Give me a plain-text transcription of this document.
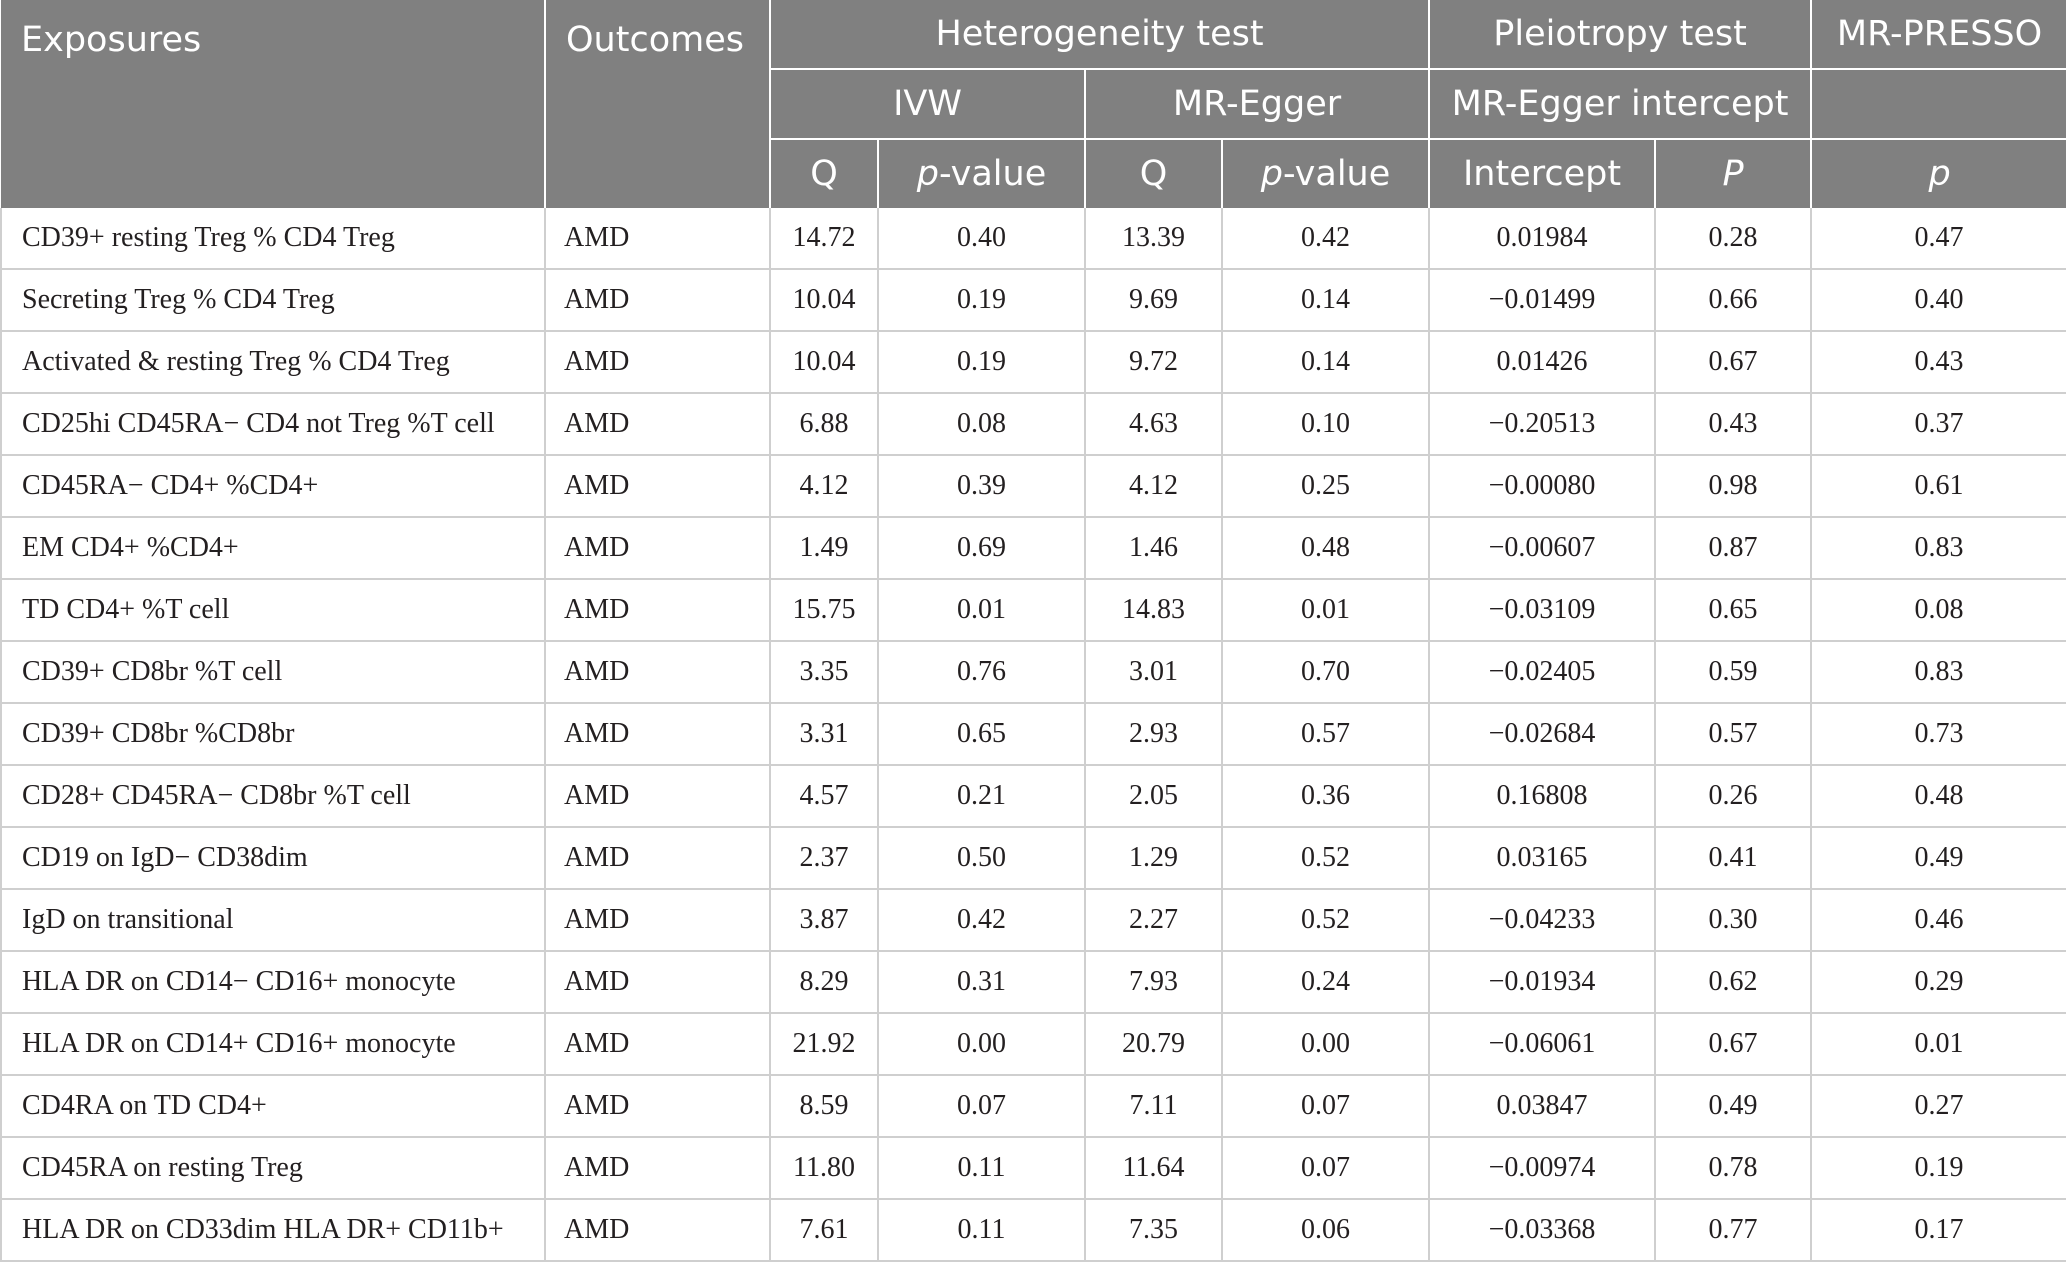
Exposures	Outcomes	Heterogeneity test				Pleiotropy test		MR-PRESSO
		IVW		MR-Egger		MR-Egger intercept		
		Q	p-value	Q	p-value	Intercept	P	p
CD39+ resting Treg % CD4 Treg	AMD	14.72	0.40	13.39	0.42	0.01984	0.28	0.47
Secreting Treg % CD4 Treg	AMD	10.04	0.19	9.69	0.14	−0.01499	0.66	0.40
Activated & resting Treg % CD4 Treg	AMD	10.04	0.19	9.72	0.14	0.01426	0.67	0.43
CD25hi CD45RA− CD4 not Treg %T cell	AMD	6.88	0.08	4.63	0.10	−0.20513	0.43	0.37
CD45RA− CD4+ %CD4+	AMD	4.12	0.39	4.12	0.25	−0.00080	0.98	0.61
EM CD4+ %CD4+	AMD	1.49	0.69	1.46	0.48	−0.00607	0.87	0.83
TD CD4+ %T cell	AMD	15.75	0.01	14.83	0.01	−0.03109	0.65	0.08
CD39+ CD8br %T cell	AMD	3.35	0.76	3.01	0.70	−0.02405	0.59	0.83
CD39+ CD8br %CD8br	AMD	3.31	0.65	2.93	0.57	−0.02684	0.57	0.73
CD28+ CD45RA− CD8br %T cell	AMD	4.57	0.21	2.05	0.36	0.16808	0.26	0.48
CD19 on IgD− CD38dim	AMD	2.37	0.50	1.29	0.52	0.03165	0.41	0.49
IgD on transitional	AMD	3.87	0.42	2.27	0.52	−0.04233	0.30	0.46
HLA DR on CD14− CD16+ monocyte	AMD	8.29	0.31	7.93	0.24	−0.01934	0.62	0.29
HLA DR on CD14+ CD16+ monocyte	AMD	21.92	0.00	20.79	0.00	−0.06061	0.67	0.01
CD4RA on TD CD4+	AMD	8.59	0.07	7.11	0.07	0.03847	0.49	0.27
CD45RA on resting Treg	AMD	11.80	0.11	11.64	0.07	−0.00974	0.78	0.19
HLA DR on CD33dim HLA DR+ CD11b+	AMD	7.61	0.11	7.35	0.06	−0.03368	0.77	0.17
